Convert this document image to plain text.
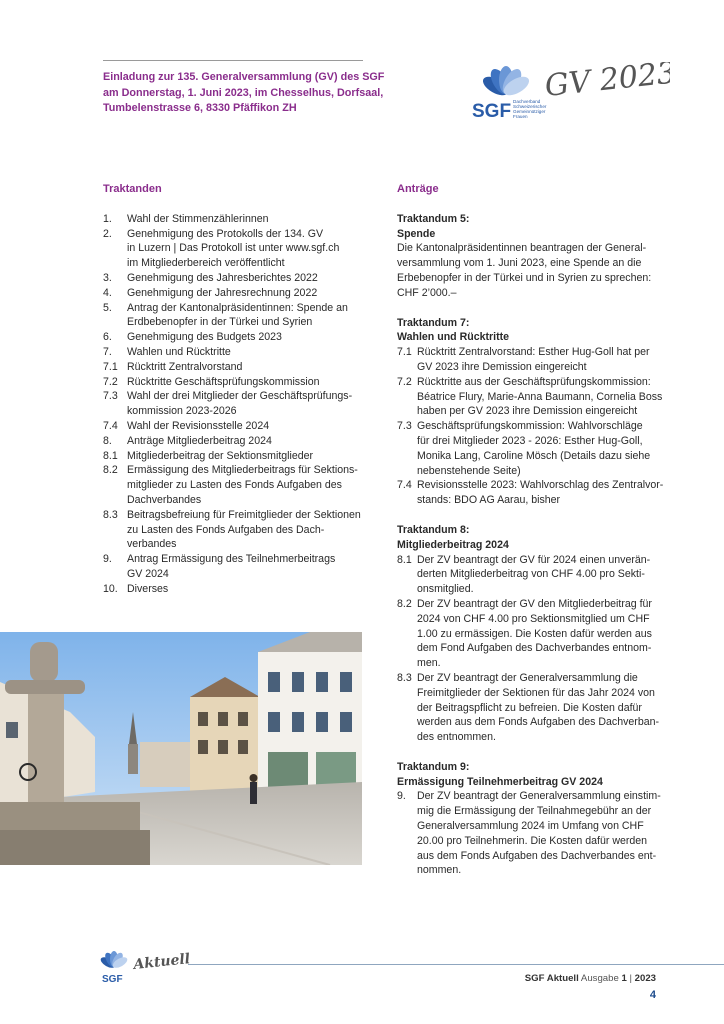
Einladung zur 135. Generalversammlung (GV) des SGF
am Donnerstag, 1. Juni 2023, im Chesselhus, Dorfsaal,
Tumbelenstrasse 6, 8330 Pfäffikon ZH	SGF Dachverband
Schweizerischer
Gemeinnütziger
Frauen
GV 2023
Traktanden
1.	Wahl der Stimmenzählerinnen
2.	Genehmigung des Protokolls der 134. GV
in Luzern | Das Protokoll ist unter www.sgf.ch
im Mitgliederbereich veröffentlicht
3.	Genehmigung des Jahresberichtes 2022
4.	Genehmigung der Jahresrechnung 2022
5.	Antrag der Kantonalpräsidentinnen: Spende an
Erdbebenopfer in der Türkei und Syrien
6.	Genehmigung des Budgets 2023
7.	Wahlen und Rücktritte
7.1 Rücktritt Zentralvorstand
7.2 Rücktritte Geschäftsprüfungskommission
7.3 Wahl der drei Mitglieder der Geschäftsprüfungs-
kommission 2023-2026
7.4 Wahl der Revisionsstelle 2024
8.	Anträge Mitgliederbeitrag 2024
8.1 Mitgliederbeitrag der Sektionsmitglieder
8.2 Ermässigung des Mitgliederbeitrags für Sektions-
mitglieder zu Lasten des Fonds Aufgaben des
Dachverbandes
8.3 Beitragsbefreiung für Freimitglieder der Sektionen
zu Lasten des Fonds Aufgaben des Dach-
verbandes
9.	Antrag Ermässigung des Teilnehmerbeitrags
GV 2024
10. Diverses
Anträge
Traktandum 5:
Spende
Die Kantonalpräsidentinnen beantragen der General-
versammlung vom 1. Juni 2023, eine Spende an die
Erbebenopfer in der Türkei und in Syrien zu sprechen:
CHF 2’000.–
Traktandum 7:
Wahlen und Rücktritte
7.1 Rücktritt Zentralvorstand: Esther Hug-Goll hat per
GV 2023 ihre Demission eingereicht
7.2 Rücktritte aus der Geschäftsprüfungskommission:
Béatrice Flury, Marie-Anna Baumann, Cornelia Boss
haben per GV 2023 ihre Demission eingereicht
7.3 Geschäftsprüfungskommission: Wahlvorschläge
für drei Mitglieder 2023 - 2026: Esther Hug-Goll,
Monika Lang, Caroline Mösch (Details dazu siehe
nebenstehende Seite)
7.4 Revisionsstelle 2023: Wahlvorschlag des Zentralvor-
stands: BDO AG Aarau, bisher
Traktandum 8:
Mitgliederbeitrag 2024
8.1 Der ZV beantragt der GV für 2024 einen unverän-
derten Mitgliederbeitrag von CHF 4.00 pro Sekti-
onsmitglied.
8.2 Der ZV beantragt der GV den Mitgliederbeitrag für
2024 von CHF 4.00 pro Sektionsmitglied um CHF
1.00 zu ermässigen. Die Kosten dafür werden aus
dem Fond Aufgaben des Dachverbandes entnom-
men.
8.3 Der ZV beantragt der Generalversammlung die
Freimitglieder der Sektionen für das Jahr 2024 von
der Beitragspflicht zu befreien. Die Kosten dafür
werden aus dem Fonds Aufgaben des Dachverban-
des entnommen.
Traktandum 9:
Ermässigung Teilnehmerbeitrag GV 2024
9.	Der ZV beantragt der Generalversammlung einstim-
mig die Ermässigung der Teilnahmegebühr an der
Generalversammlung 2024 im Umfang von CHF
20.00 pro Teilnehmerin. Die Kosten dafür werden
aus dem Fonds Aufgaben des Dachverbandes ent-
nommen.
SGF
Aktuell
SGF Aktuell Ausgabe 1 | 2023
4
